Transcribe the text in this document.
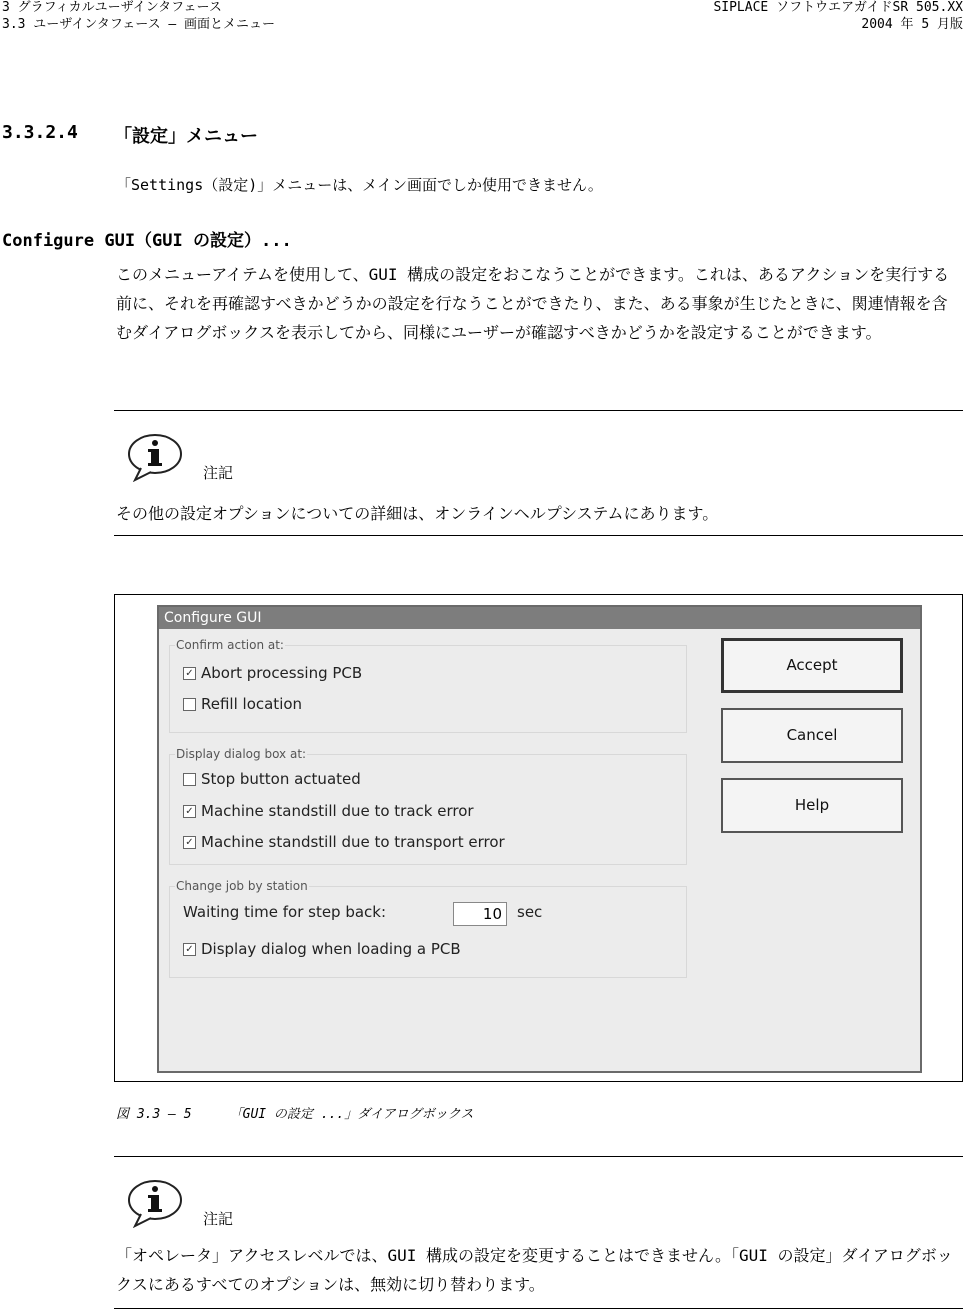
3 グラフィカルユーザインタフェース
3.3 ユーザインタフェース – 画面とメニュー
SIPLACE ソフトウエアガイドSR 505.XX
2004 年 5 月版
3.3.2.4 「設定」メニュー
「Settings（設定)」メニューは、メイン画面でしか使用できません。
Configure GUI（GUI の設定）...

このメニューアイテムを使用して、GUI 構成の設定をおこなうことができます。これは、あるアクションを実行する前に、それを再確認すべきかどうかの設定を行なうことができたり、また、ある事象が生じたときに、関連情報を含むダイアログボックスを表示してから、同様にユーザーが確認すべきかどうかを設定することができます。

注記

その他の設定オプションについての詳細は、オンラインヘルプシステムにあります。

Configure GUI
Confirm action at:
✓ Abort processing PCB
Refill location
Display dialog box at:
Stop button actuated
✓ Machine standstill due to track error
✓ Machine standstill due to transport error
Change job by station
Waiting time for step back:	10	sec
✓ Display dialog when loading a PCB
Accept
Cancel
Help
図 3.3 – 5	「GUI の設定 ...」ダイアログボックス
注記

「オペレータ」アクセスレベルでは、GUI 構成の設定を変更することはできません。「GUI の設定」ダイアログボックスにあるすべてのオプションは、無効に切り替わります。
